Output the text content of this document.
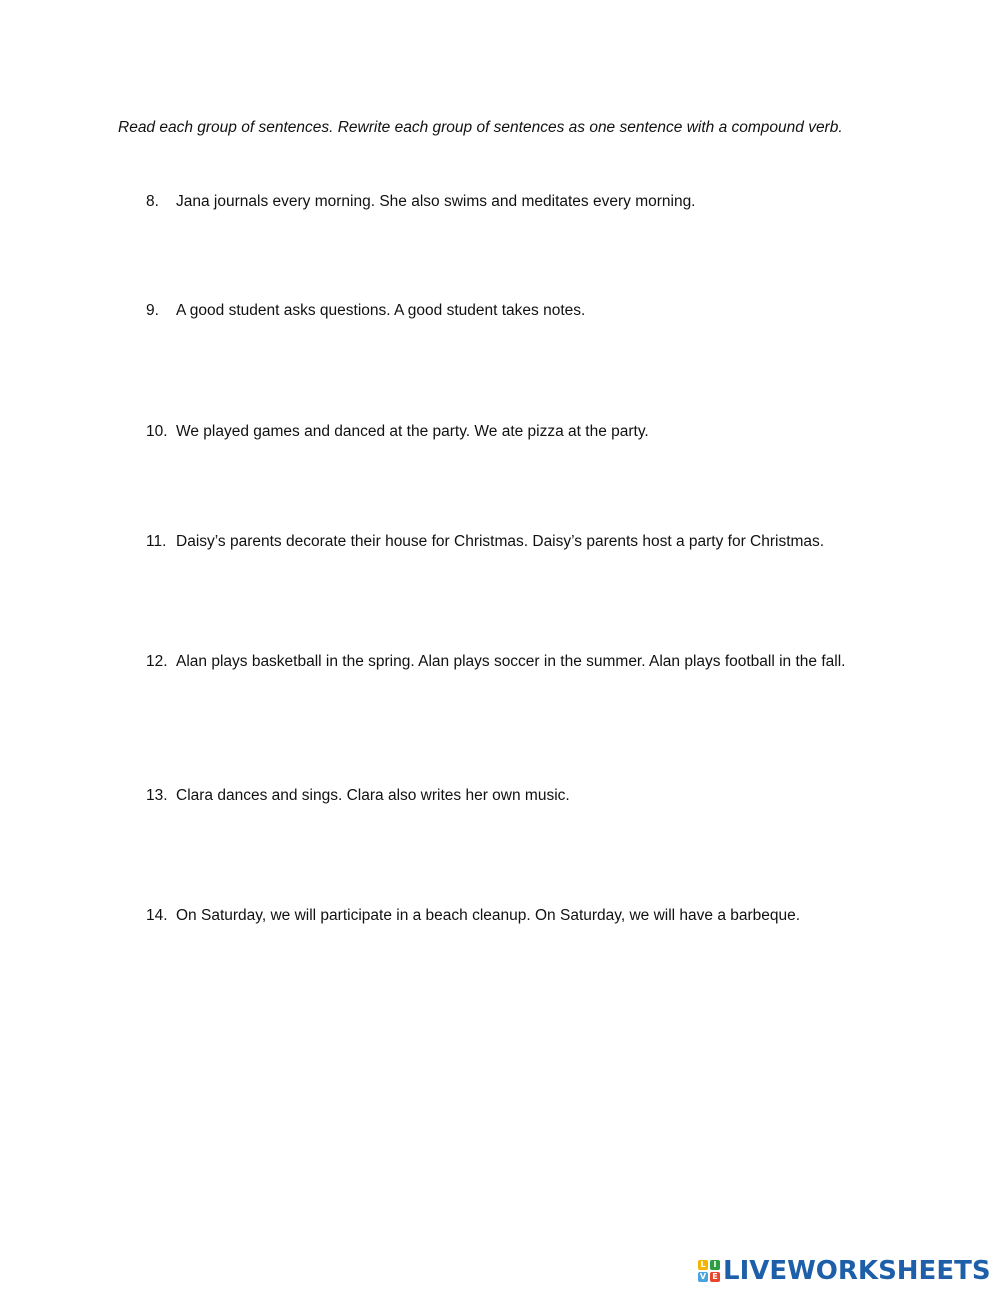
Read each group of sentences. Rewrite each group of sentences as one sentence with a compound verb.
8.	Jana journals every morning. She also swims and meditates every morning.
9.	A good student asks questions. A good student takes notes.
10. We played games and danced at the party. We ate pizza at the party.
11. Daisy’s parents decorate their house for Christmas. Daisy’s parents host a party for Christmas.
12. Alan plays basketball in the spring. Alan plays soccer in the summer. Alan plays football in the fall.
13. Clara dances and sings. Clara also writes her own music.
14. On Saturday, we will participate in a beach cleanup. On Saturday, we will have a barbeque.
L I
V E LIVEWORKSHEETS
